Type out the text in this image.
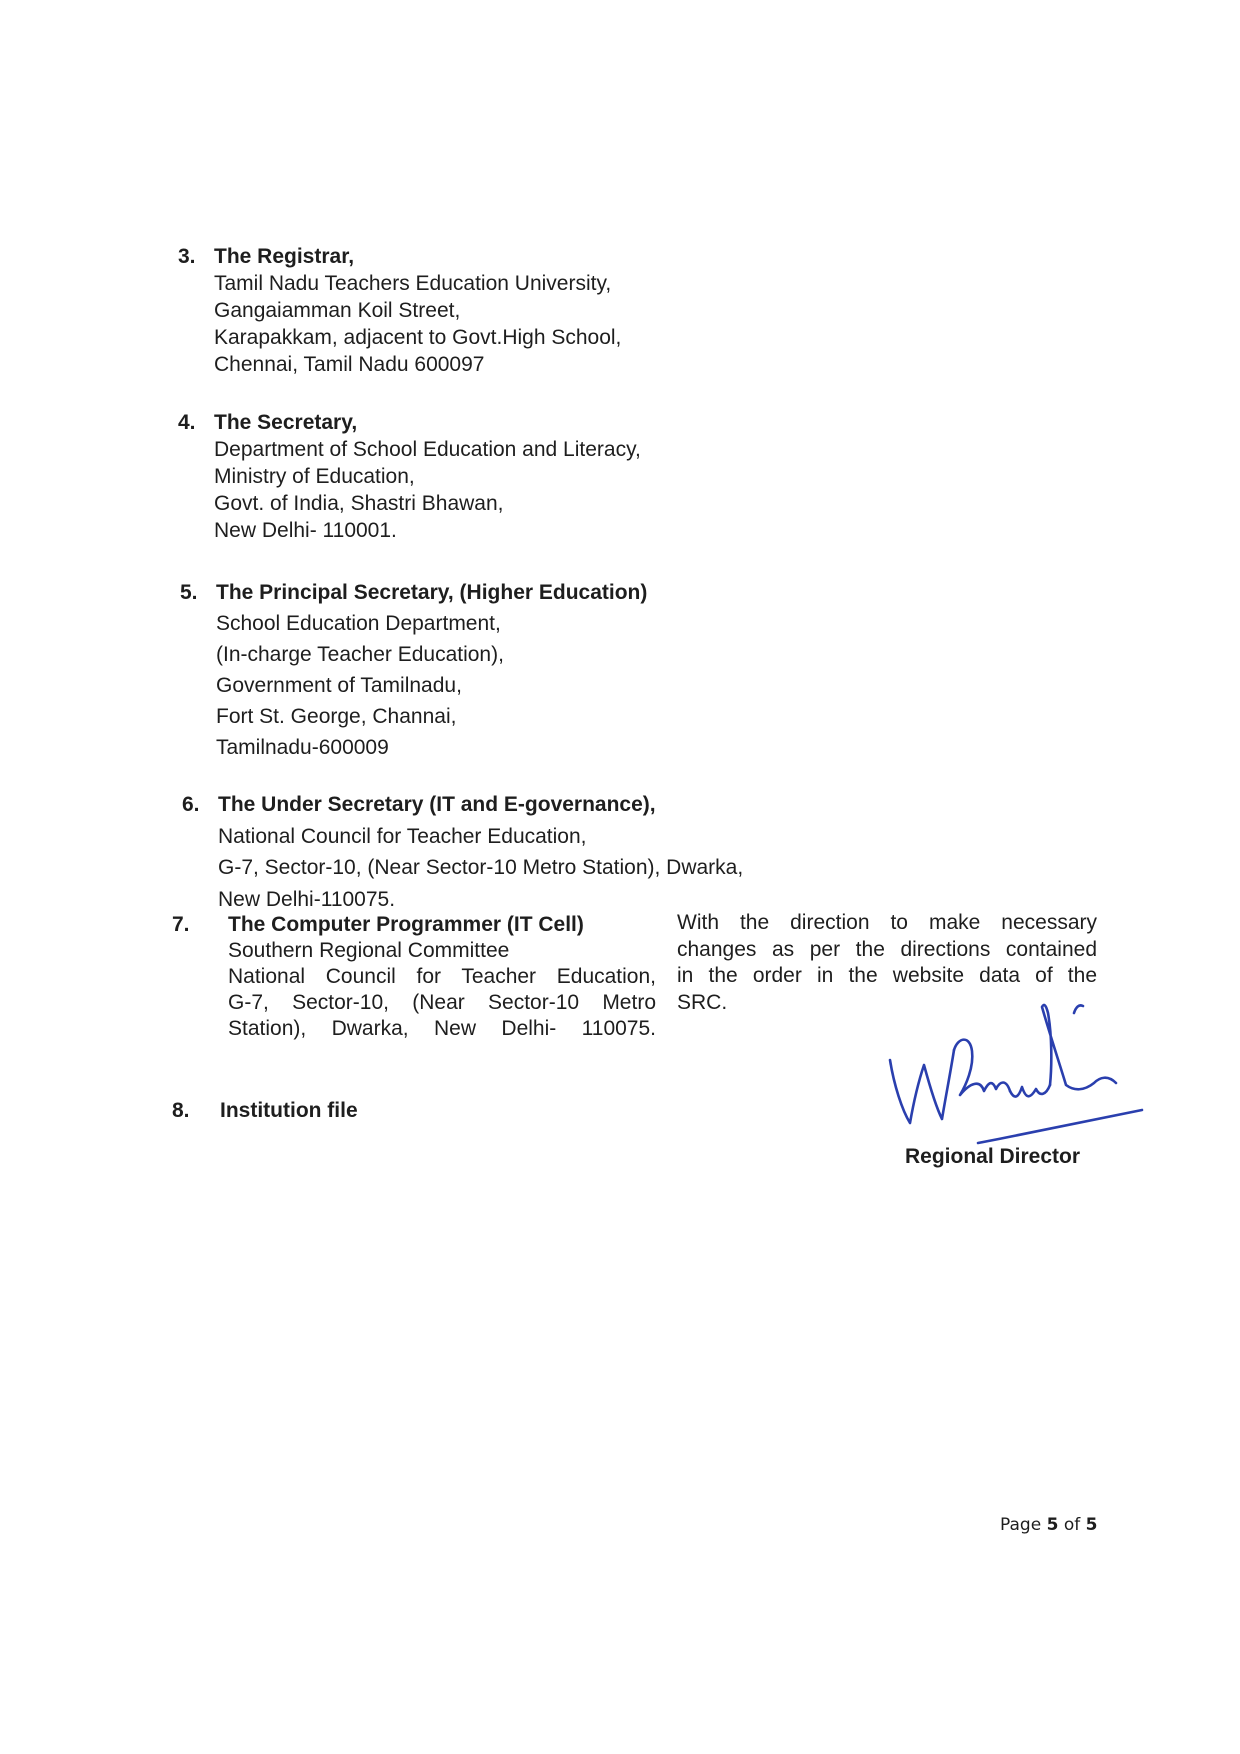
3. The Registrar,
Tamil Nadu Teachers Education University,
Gangaiamman Koil Street,
Karapakkam, adjacent to Govt.High School,
Chennai, Tamil Nadu 600097
4. The Secretary,
Department of School Education and Literacy,
Ministry of Education,
Govt. of India, Shastri Bhawan,
New Delhi- 110001.
5. The Principal Secretary, (Higher Education)
School Education Department,
(In-charge Teacher Education),
Government of Tamilnadu,
Fort St. George, Channai,
Tamilnadu-600009
6. The Under Secretary (IT and E-governance),
National Council for Teacher Education,
G-7, Sector-10, (Near Sector-10 Metro Station), Dwarka,
New Delhi-110075.
7. The Computer Programmer (IT Cell)
Southern Regional Committee
National Council for Teacher Education,
G-7, Sector-10, (Near Sector-10 Metro
Station), Dwarka, New Delhi- 110075.
With the direction to make necessary
changes as per the directions contained
in the order in the website data of the
SRC.
8. Institution file
Regional Director
Page 5 of 5
